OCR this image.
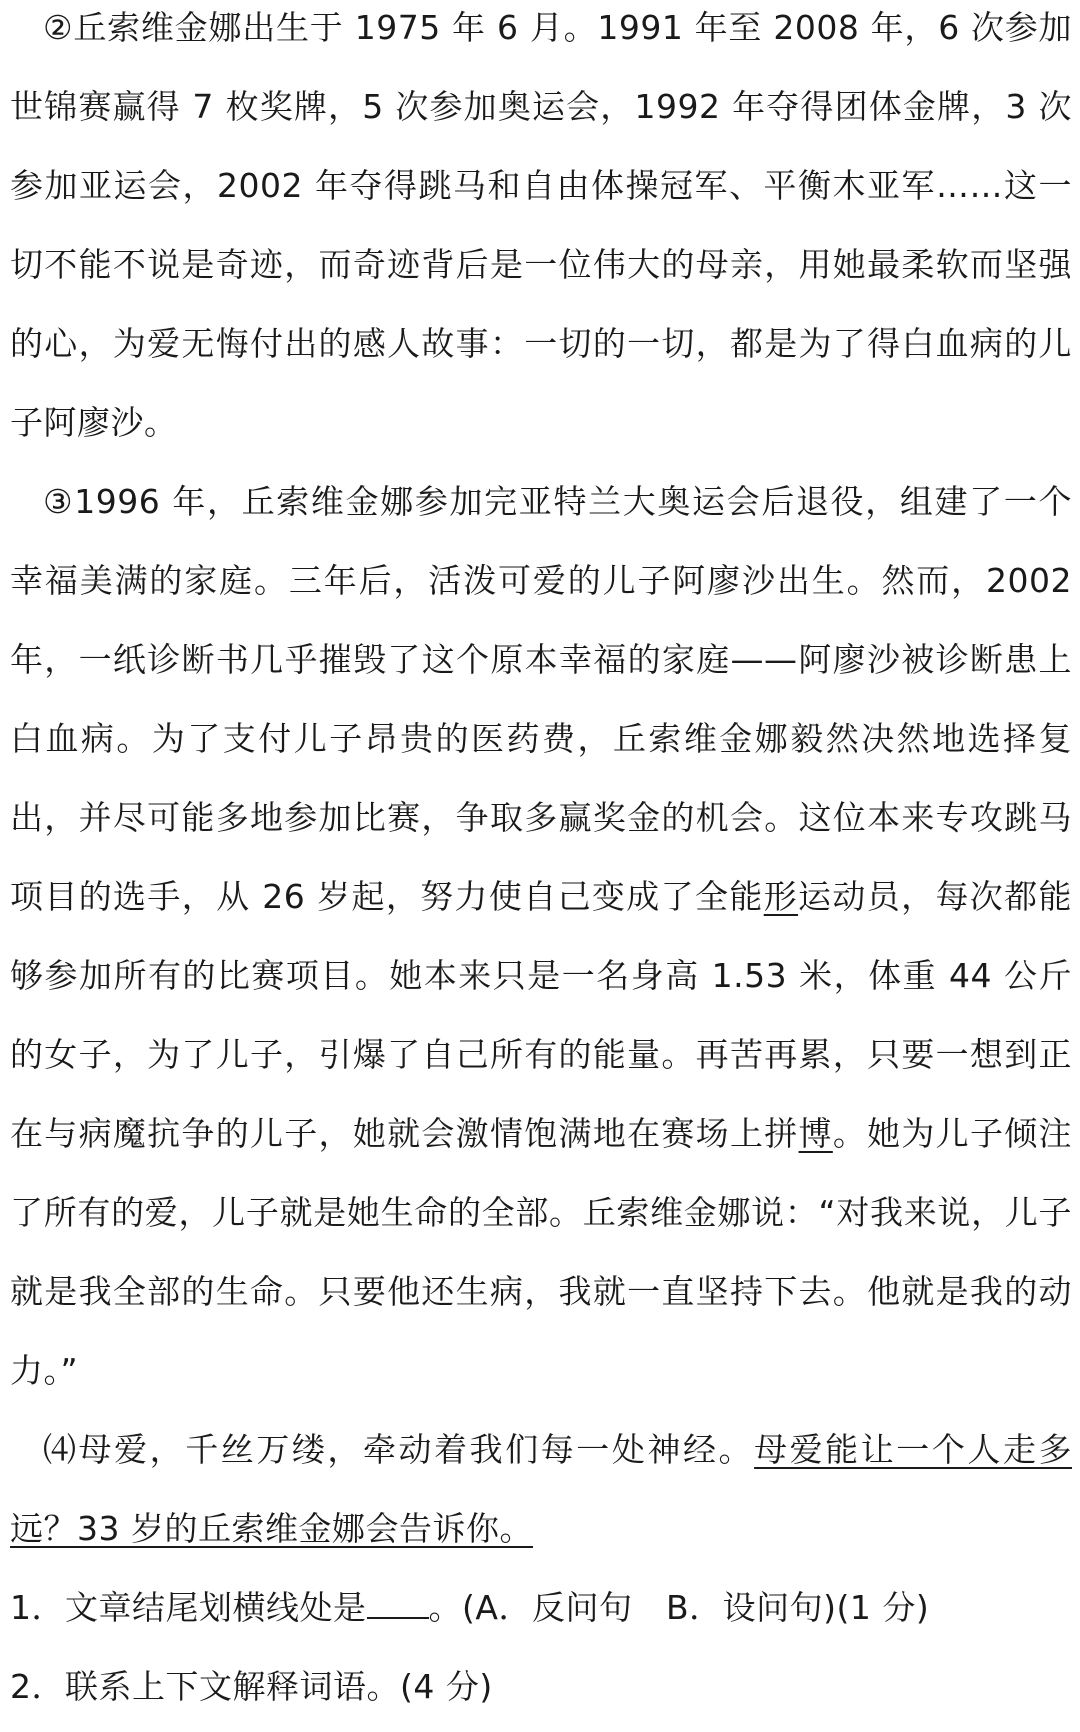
②丘索维金娜出生于 1975 年 6 月。1991 年至 2008 年，6 次参加世锦赛赢得 7 枚奖牌，5 次参加奥运会，1992 年夺得团体金牌，3 次参加亚运会，2002 年夺得跳马和自由体操冠军、平衡木亚军……这一切不能不说是奇迹，而奇迹背后是一位伟大的母亲，用她最柔软而坚强的心，为爱无悔付出的感人故事：一切的一切，都是为了得白血病的儿子阿廖沙。

③1996 年，丘索维金娜参加完亚特兰大奥运会后退役，组建了一个幸福美满的家庭。三年后，活泼可爱的儿子阿廖沙出生。然而，2002 年，一纸诊断书几乎摧毁了这个原本幸福的家庭——阿廖沙被诊断患上白血病。为了支付儿子昂贵的医药费，丘索维金娜毅然决然地选择复出，并尽可能多地参加比赛，争取多赢奖金的机会。这位本来专攻跳马项目的选手，从 26 岁起，努力使自己变成了全能形运动员，每次都能够参加所有的比赛项目。她本来只是一名身高 1.53 米，体重 44 公斤的女子，为了儿子，引爆了自己所有的能量。再苦再累，只要一想到正在与病魔抗争的儿子，她就会激情饱满地在赛场上拼博。她为儿子倾注了所有的爱，儿子就是她生命的全部。丘索维金娜说：“对我来说，儿子就是我全部的生命。只要他还生病，我就一直坚持下去。他就是我的动力。”

⑷母爱，千丝万缕，牵动着我们每一处神经。母爱能让一个人走多远？33 岁的丘索维金娜会告诉你。

1．文章结尾划横线处是 。(A．反问句　B．设问句)(1 分)

2．联系上下文解释词语。(4 分)
